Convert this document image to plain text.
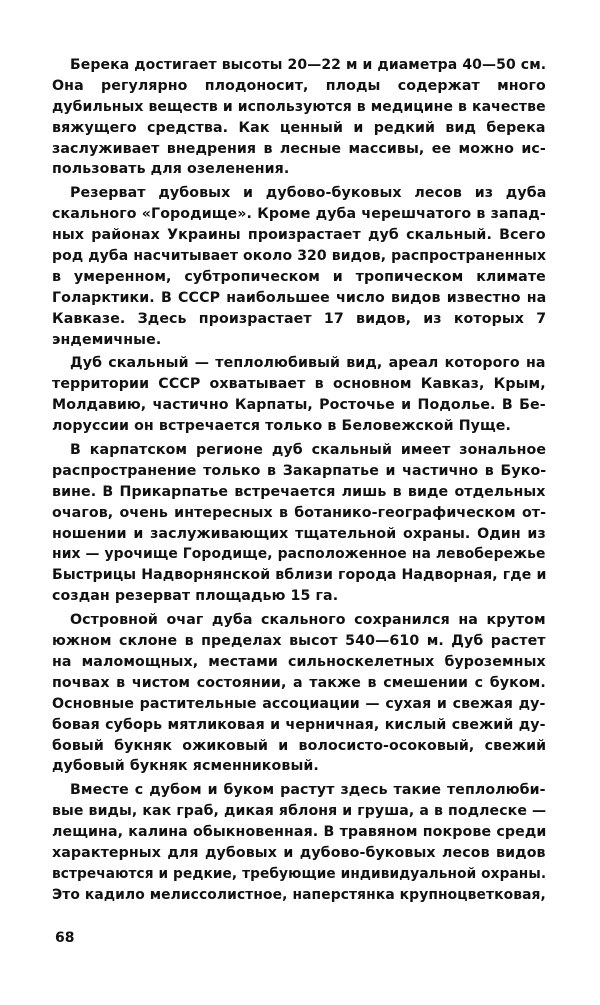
Берека достигает высоты 20—22 м и диаметра 40—50 см.
Она регулярно плодоносит, плоды содержат много
дубильных веществ и используются в медицине в качестве
вяжущего средства. Как ценный и редкий вид берека
заслуживает внедрения в лесные массивы, ее можно ис-
пользовать для озеленения.
Резерват дубовых и дубово-буковых лесов из дуба
скального «Городище». Кроме дуба черешчатого в запад-
ных районах Украины произрастает дуб скальный. Всего
род дуба насчитывает около 320 видов, распространенных
в умеренном, субтропическом и тропическом климате
Голарктики. В СССР наибольшее число видов известно на
Кавказе. Здесь произрастает 17 видов, из которых 7
эндемичные.
Дуб скальный — теплолюбивый вид, ареал которого на
территории СССР охватывает в основном Кавказ, Крым,
Молдавию, частично Карпаты, Росточье и Подолье. В Бе-
лоруссии он встречается только в Беловежской Пуще.
В карпатском регионе дуб скальный имеет зональное
распространение только в Закарпатье и частично в Буко-
вине. В Прикарпатье встречается лишь в виде отдельных
очагов, очень интересных в ботанико-географическом от-
ношении и заслуживающих тщательной охраны. Один из
них — урочище Городище, расположенное на левобережье
Быстрицы Надворнянской вблизи города Надворная, где и
создан резерват площадью 15 га.
Островной очаг дуба скального сохранился на крутом
южном склоне в пределах высот 540—610 м. Дуб растет
на маломощных, местами сильноскелетных буроземных
почвах в чистом состоянии, а также в смешении с буком.
Основные растительные ассоциации — сухая и свежая ду-
бовая суборь мятликовая и черничная, кислый свежий ду-
бовый букняк ожиковый и волосисто-осоковый, свежий
дубовый букняк ясменниковый.
Вместе с дубом и буком растут здесь такие теплолюби-
вые виды, как граб, дикая яблоня и груша, а в подлеске —
лещина, калина обыкновенная. В травяном покрове среди
характерных для дубовых и дубово-буковых лесов видов
встречаются и редкие, требующие индивидуальной охраны.
Это кадило мелиссолистное, наперстянка крупноцветковая,
68
